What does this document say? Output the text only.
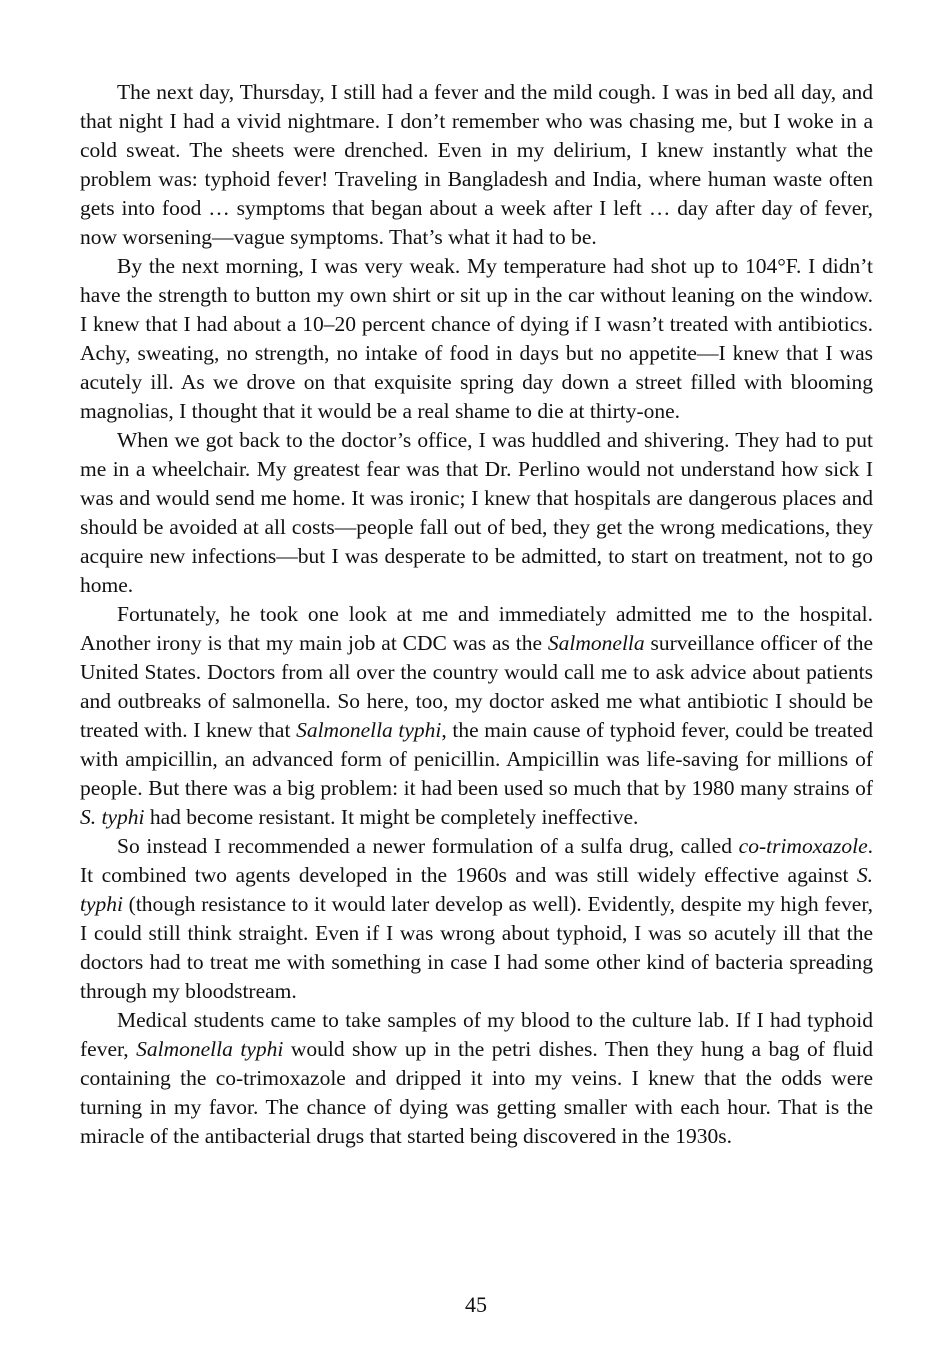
The next day, Thursday, I still had a fever and the mild cough. I was in bed all day, and that night I had a vivid nightmare. I don’t remember who was chasing me, but I woke in a cold sweat. The sheets were drenched. Even in my delirium, I knew instantly what the problem was: typhoid fever! Traveling in Bangladesh and India, where human waste often gets into food … symptoms that began about a week after I left … day after day of fever, now worsening—vague symptoms. That’s what it had to be.

By the next morning, I was very weak. My temperature had shot up to 104°F. I didn’t have the strength to button my own shirt or sit up in the car without leaning on the window. I knew that I had about a 10–20 percent chance of dying if I wasn’t treated with antibiotics. Achy, sweating, no strength, no intake of food in days but no appetite—I knew that I was acutely ill. As we drove on that exquisite spring day down a street filled with blooming magnolias, I thought that it would be a real shame to die at thirty-one.

When we got back to the doctor’s office, I was huddled and shivering. They had to put me in a wheelchair. My greatest fear was that Dr. Perlino would not understand how sick I was and would send me home. It was ironic; I knew that hospitals are dangerous places and should be avoided at all costs—people fall out of bed, they get the wrong medications, they acquire new infections—but I was desperate to be admitted, to start on treatment, not to go home.

Fortunately, he took one look at me and immediately admitted me to the hospital. Another irony is that my main job at CDC was as the Salmonella surveillance officer of the United States. Doctors from all over the country would call me to ask advice about patients and outbreaks of salmonella. So here, too, my doctor asked me what antibiotic I should be treated with. I knew that Salmonella typhi, the main cause of typhoid fever, could be treated with ampicillin, an advanced form of penicillin. Ampicillin was life-saving for millions of people. But there was a big problem: it had been used so much that by 1980 many strains of S. typhi had become resistant. It might be completely ineffective.

So instead I recommended a newer formulation of a sulfa drug, called co-trimoxazole. It combined two agents developed in the 1960s and was still widely effective against S. typhi (though resistance to it would later develop as well). Evidently, despite my high fever, I could still think straight. Even if I was wrong about typhoid, I was so acutely ill that the doctors had to treat me with something in case I had some other kind of bacteria spreading through my bloodstream.

Medical students came to take samples of my blood to the culture lab. If I had typhoid fever, Salmonella typhi would show up in the petri dishes. Then they hung a bag of fluid containing the co-trimoxazole and dripped it into my veins. I knew that the odds were turning in my favor. The chance of dying was getting smaller with each hour. That is the miracle of the antibacterial drugs that started being discovered in the 1930s.

45
